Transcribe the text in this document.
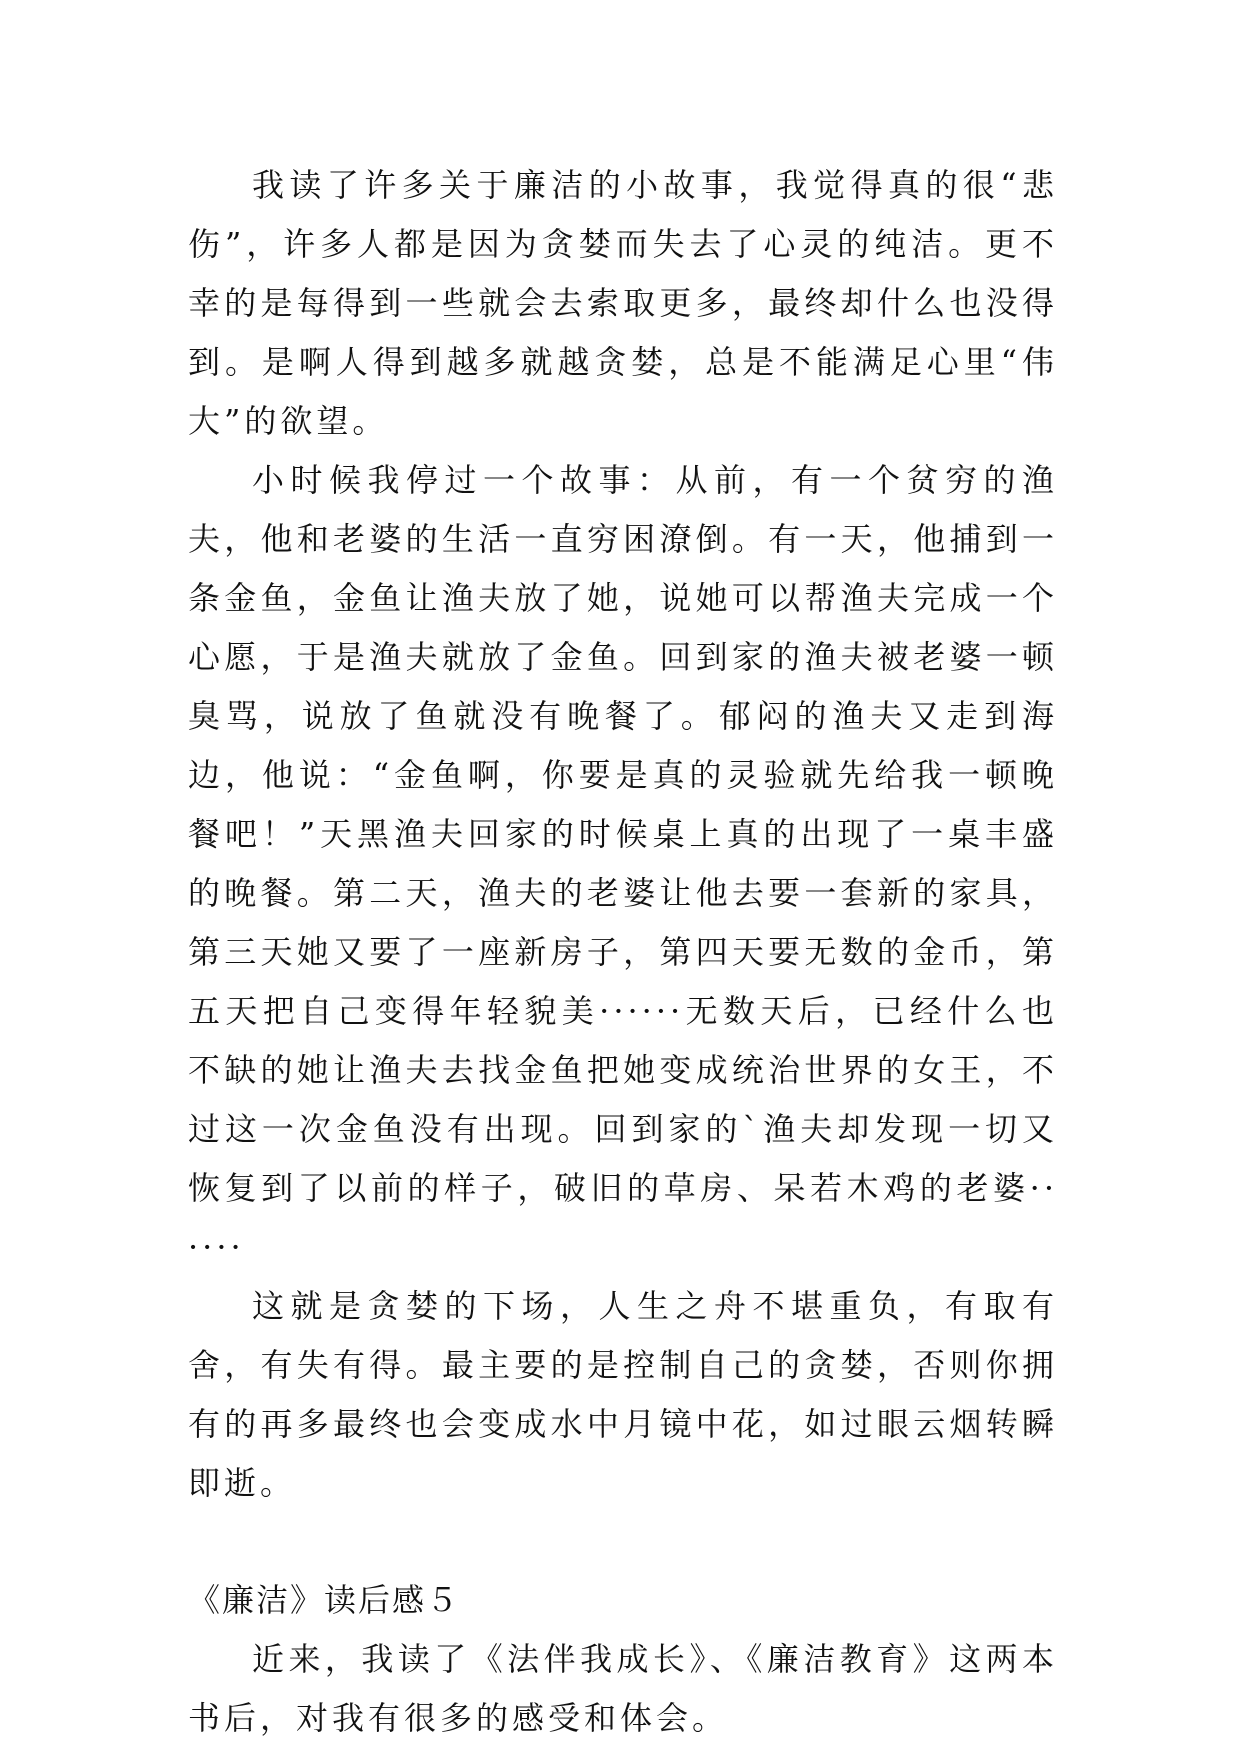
我读了许多关于廉洁的小故事，我觉得真的很“悲伤”，许多人都是因为贪婪而失去了心灵的纯洁。更不幸的是每得到一些就会去索取更多，最终却什么也没得到。是啊人得到越多就越贪婪，总是不能满足心里“伟大”的欲望。

小时候我停过一个故事：从前，有一个贫穷的渔夫，他和老婆的生活一直穷困潦倒。有一天，他捕到一条金鱼，金鱼让渔夫放了她，说她可以帮渔夫完成一个心愿，于是渔夫就放了金鱼。回到家的渔夫被老婆一顿臭骂，说放了鱼就没有晚餐了。郁闷的渔夫又走到海边，他说：“金鱼啊，你要是真的灵验就先给我一顿晚餐吧！”天黑渔夫回家的时候桌上真的出现了一桌丰盛的晚餐。第二天，渔夫的老婆让他去要一套新的家具，第三天她又要了一座新房子，第四天要无数的金币，第五天把自己变得年轻貌美······无数天后，已经什么也不缺的她让渔夫去找金鱼把她变成统治世界的女王，不过这一次金鱼没有出现。回到家的`渔夫却发现一切又恢复到了以前的样子，破旧的草房、呆若木鸡的老婆······

这就是贪婪的下场，人生之舟不堪重负，有取有舍，有失有得。最主要的是控制自己的贪婪，否则你拥有的再多最终也会变成水中月镜中花，如过眼云烟转瞬即逝。

《廉洁》读后感５

近来，我读了《法伴我成长》、《廉洁教育》这两本书后，对我有很多的感受和体会。
